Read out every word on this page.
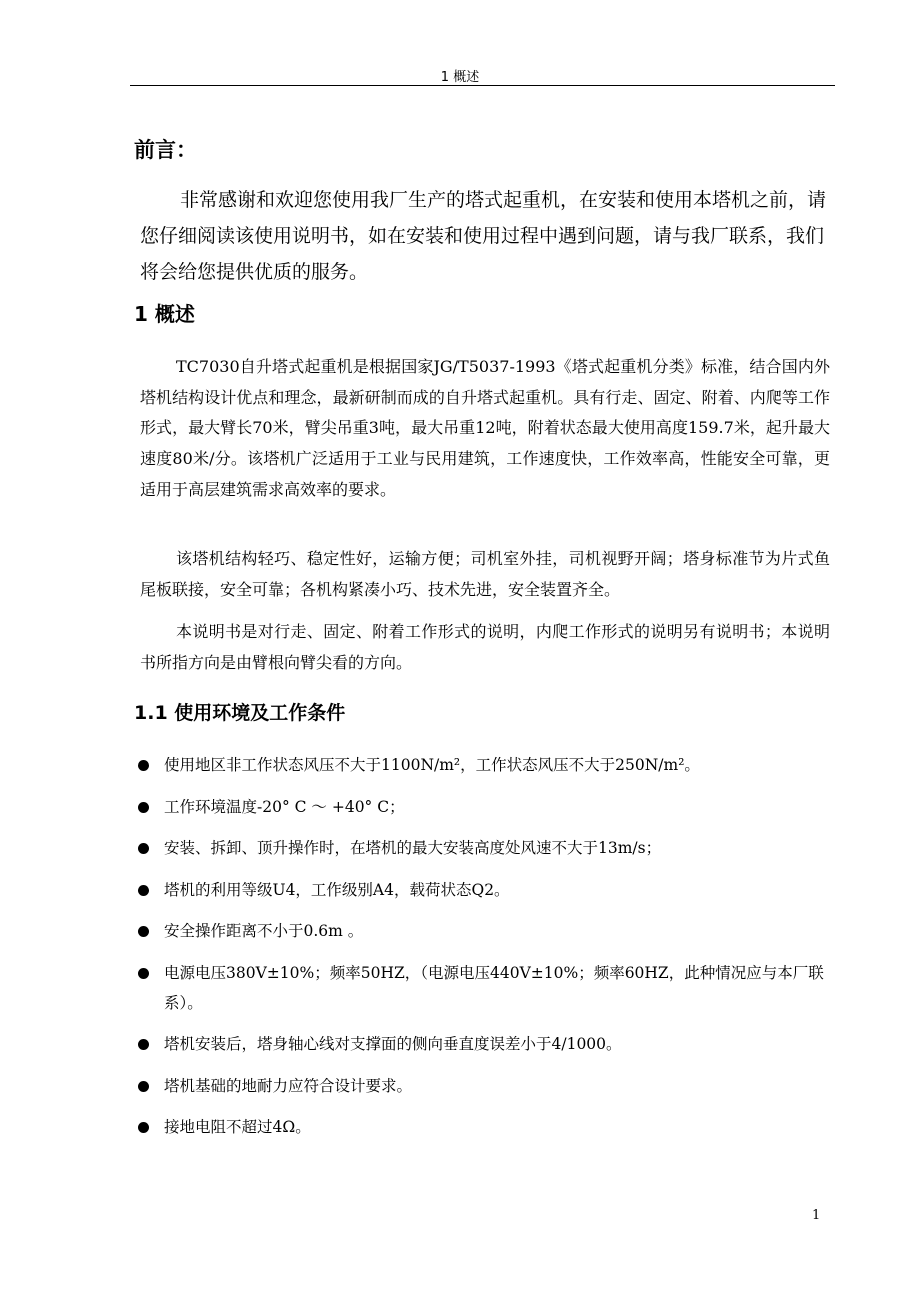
1 概述
前言：

非常感谢和欢迎您使用我厂生产的塔式起重机，在安装和使用本塔机之前，请您仔细阅读该使用说明书，如在安装和使用过程中遇到问题，请与我厂联系，我们将会给您提供优质的服务。

1 概述

TC7030自升塔式起重机是根据国家JG/T5037-1993《塔式起重机分类》标准，结合国内外塔机结构设计优点和理念，最新研制而成的自升塔式起重机。具有行走、固定、附着、内爬等工作形式，最大臂长70米，臂尖吊重3吨，最大吊重12吨，附着状态最大使用高度159.7米，起升最大速度80米/分。该塔机广泛适用于工业与民用建筑，工作速度快，工作效率高，性能安全可靠，更适用于高层建筑需求高效率的要求。

该塔机结构轻巧、稳定性好，运输方便；司机室外挂，司机视野开阔；塔身标准节为片式鱼尾板联接，安全可靠；各机构紧凑小巧、技术先进，安全装置齐全。

本说明书是对行走、固定、附着工作形式的说明，内爬工作形式的说明另有说明书；本说明书所指方向是由臂根向臂尖看的方向。

1.1 使用环境及工作条件
使用地区非工作状态风压不大于1100N/m²，工作状态风压不大于250N/m²。
工作环境温度-20° C ～ +40° C；
安装、拆卸、顶升操作时，在塔机的最大安装高度处风速不大于13m/s；
塔机的利用等级U4，工作级别A4，载荷状态Q2。
安全操作距离不小于0.6m 。
电源电压380V±10%；频率50HZ，（电源电压440V±10%；频率60HZ，此种情况应与本厂联系）。
塔机安装后，塔身轴心线对支撑面的侧向垂直度误差小于4/1000。
塔机基础的地耐力应符合设计要求。
接地电阻不超过4Ω。
1
